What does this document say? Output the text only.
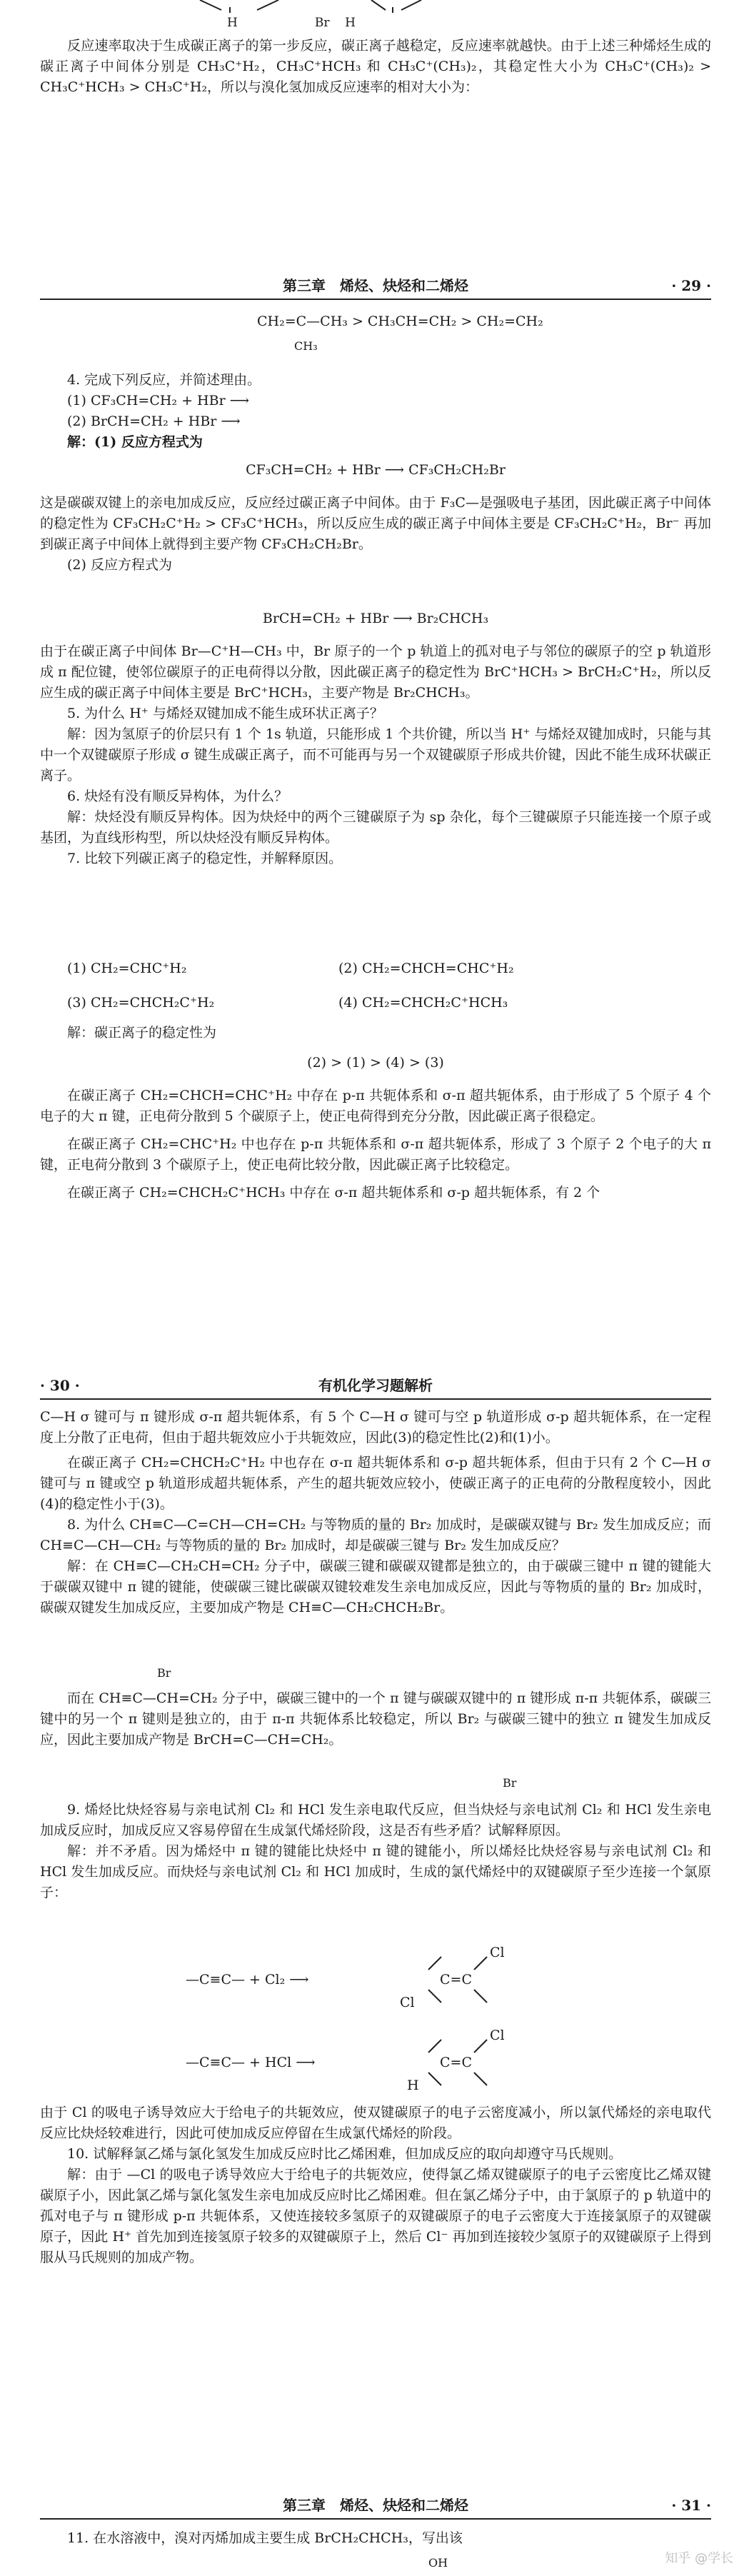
H                    Br    H

反应速率取决于生成碳正离子的第一步反应，碳正离子越稳定，反应速率就越快。由于上述三种烯烃生成的碳正离子中间体分别是 CH₃C⁺H₂，CH₃C⁺HCH₃ 和 CH₃C⁺(CH₃)₂，其稳定性大小为 CH₃C⁺(CH₃)₂ > CH₃C⁺HCH₃ > CH₃C⁺H₂，所以与溴化氢加成反应速率的相对大小为：

第三章　烯烃、炔烃和二烯烃	· 29 ·
CH₂=C—CH₃ > CH₃CH=CH₂ > CH₂=CH₂
CH₃

4. 完成下列反应，并简述理由。

(1) CF₃CH=CH₂ + HBr ⟶

(2) BrCH=CH₂ + HBr ⟶

解：(1) 反应方程式为

CF₃CH=CH₂ + HBr ⟶ CF₃CH₂CH₂Br

这是碳碳双键上的亲电加成反应，反应经过碳正离子中间体。由于 F₃C—是强吸电子基团，因此碳正离子中间体的稳定性为 CF₃CH₂C⁺H₂ > CF₃C⁺HCH₃，所以反应生成的碳正离子中间体主要是 CF₃CH₂C⁺H₂，Br⁻ 再加到碳正离子中间体上就得到主要产物 CF₃CH₂CH₂Br。

(2) 反应方程式为

BrCH=CH₂ + HBr ⟶ Br₂CHCH₃

由于在碳正离子中间体 Br—C⁺H—CH₃ 中，Br 原子的一个 p 轨道上的孤对电子与邻位的碳原子的空 p 轨道形成 π 配位键，使邻位碳原子的正电荷得以分散，因此碳正离子的稳定性为 BrC⁺HCH₃ > BrCH₂C⁺H₂，所以反应生成的碳正离子中间体主要是 BrC⁺HCH₃，主要产物是 Br₂CHCH₃。

5. 为什么 H⁺ 与烯烃双键加成不能生成环状正离子？

解：因为氢原子的价层只有 1 个 1s 轨道，只能形成 1 个共价键，所以当 H⁺ 与烯烃双键加成时，只能与其中一个双键碳原子形成 σ 键生成碳正离子，而不可能再与另一个双键碳原子形成共价键，因此不能生成环状碳正离子。

6. 炔烃有没有顺反异构体，为什么？

解：炔烃没有顺反异构体。因为炔烃中的两个三键碳原子为 sp 杂化，每个三键碳原子只能连接一个原子或基团，为直线形构型，所以炔烃没有顺反异构体。

7. 比较下列碳正离子的稳定性，并解释原因。

(1) CH₂=CHC⁺H₂	(2) CH₂=CHCH=CHC⁺H₂
(3) CH₂=CHCH₂C⁺H₂	(4) CH₂=CHCH₂C⁺HCH₃

解：碳正离子的稳定性为

(2) > (1) > (4) > (3)

在碳正离子 CH₂=CHCH=CHC⁺H₂ 中存在 p-π 共轭体系和 σ-π 超共轭体系，由于形成了 5 个原子 4 个电子的大 π 键，正电荷分散到 5 个碳原子上，使正电荷得到充分分散，因此碳正离子很稳定。

在碳正离子 CH₂=CHC⁺H₂ 中也存在 p-π 共轭体系和 σ-π 超共轭体系，形成了 3 个原子 2 个电子的大 π 键，正电荷分散到 3 个碳原子上，使正电荷比较分散，因此碳正离子比较稳定。

在碳正离子 CH₂=CHCH₂C⁺HCH₃ 中存在 σ-π 超共轭体系和 σ-p 超共轭体系，有 2 个

· 30 ·	有机化学习题解析

C—H σ 键可与 π 键形成 σ-π 超共轭体系，有 5 个 C—H σ 键可与空 p 轨道形成 σ-p 超共轭体系，在一定程度上分散了正电荷，但由于超共轭效应小于共轭效应，因此(3)的稳定性比(2)和(1)小。

在碳正离子 CH₂=CHCH₂C⁺H₂ 中也存在 σ-π 超共轭体系和 σ-p 超共轭体系，但由于只有 2 个 C—H σ 键可与 π 键或空 p 轨道形成超共轭体系，产生的超共轭效应较小，使碳正离子的正电荷的分散程度较小，因此(4)的稳定性小于(3)。

8. 为什么 CH≡C—C=CH—CH=CH₂ 与等物质的量的 Br₂ 加成时，是碳碳双键与 Br₂ 发生加成反应；而 CH≡C—CH—CH₂ 与等物质的量的 Br₂ 加成时，却是碳碳三键与 Br₂ 发生加成反应？

解：在 CH≡C—CH₂CH=CH₂ 分子中，碳碳三键和碳碳双键都是独立的，由于碳碳三键中 π 键的键能大于碳碳双键中 π 键的键能，使碳碳三键比碳碳双键较难发生亲电加成反应，因此与等物质的量的 Br₂ 加成时，碳碳双键发生加成反应，主要加成产物是 CH≡C—CH₂CHCH₂Br。

Br

而在 CH≡C—CH=CH₂ 分子中，碳碳三键中的一个 π 键与碳碳双键中的 π 键形成 π-π 共轭体系，碳碳三键中的另一个 π 键则是独立的，由于 π-π 共轭体系比较稳定，所以 Br₂ 与碳碳三键中的独立 π 键发生加成反应，因此主要加成产物是 BrCH=C—CH=CH₂。

Br

9. 烯烃比炔烃容易与亲电试剂 Cl₂ 和 HCl 发生亲电取代反应，但当炔烃与亲电试剂 Cl₂ 和 HCl 发生亲电加成反应时，加成反应又容易停留在生成氯代烯烃阶段，这是否有些矛盾？试解释原因。

解：并不矛盾。因为烯烃中 π 键的键能比炔烃中 π 键的键能小，所以烯烃比炔烃容易与亲电试剂 Cl₂ 和 HCl 发生加成反应。而炔烃与亲电试剂 Cl₂ 和 HCl 加成时，生成的氯代烯烃中的双键碳原子至少连接一个氯原子：

—C≡C— + Cl₂ ⟶	C=C
Cl
Cl
—C≡C— + HCl ⟶	C=C
Cl
H

由于 Cl 的吸电子诱导效应大于给电子的共轭效应，使双键碳原子的电子云密度减小，所以氯代烯烃的亲电取代反应比炔烃较难进行，因此可使加成反应停留在生成氯代烯烃的阶段。

10. 试解释氯乙烯与氯化氢发生加成反应时比乙烯困难，但加成反应的取向却遵守马氏规则。

解：由于 —Cl 的吸电子诱导效应大于给电子的共轭效应，使得氯乙烯双键碳原子的电子云密度比乙烯双键碳原子小，因此氯乙烯与氯化氢发生亲电加成反应时比乙烯困难。但在氯乙烯分子中，由于氯原子的 p 轨道中的孤对电子与 π 键形成 p-π 共轭体系，又使连接较多氢原子的双键碳原子的电子云密度大于连接氯原子的双键碳原子，因此 H⁺ 首先加到连接氢原子较多的双键碳原子上，然后 Cl⁻ 再加到连接较少氢原子的双键碳原子上得到服从马氏规则的加成产物。

第三章　烯烃、炔烃和二烯烃	· 31 ·

11. 在水溶液中，溴对丙烯加成主要生成 BrCH₂CHCH₃，写出该

OH	知乎 @学长
